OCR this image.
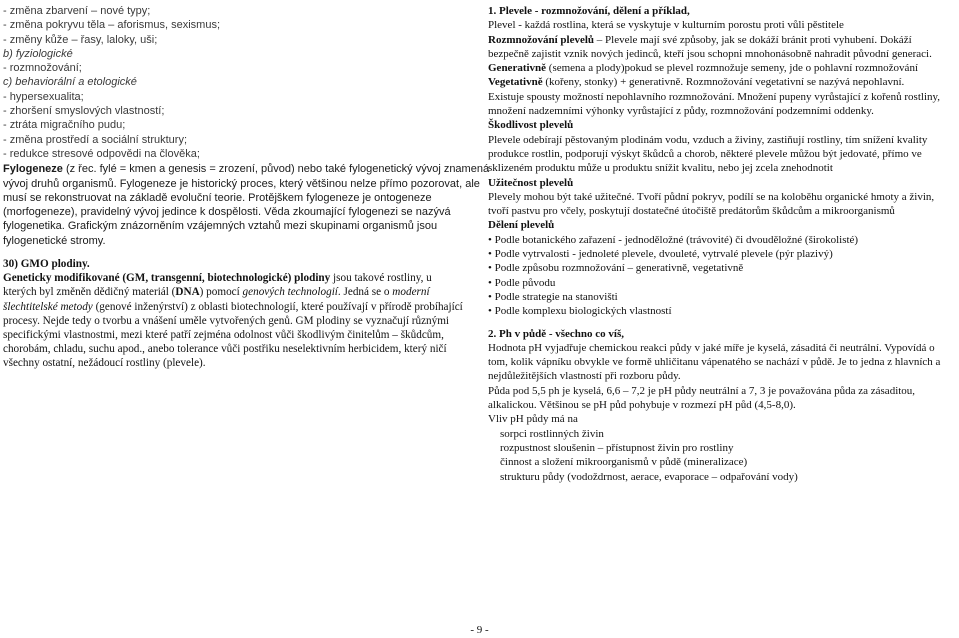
- změna zbarvení – nové typy;
- změna pokryvu těla – aforismus, sexismus;
- změny kůže – řasy, laloky, uši;
b) fyziologické
- rozmnožování;
c) behaviorální a etologické
- hypersexualita;
- zhoršení smyslových vlastností;
- ztráta migračního pudu;
- změna prostředí a sociální struktury;
- redukce stresové odpovědi na člověka;
Fylogeneze (z řec. fylé = kmen a genesis = zrození, původ) nebo také fylogenetický vývoj znamená
vývoj druhů organismů. Fylogeneze je historický proces, který většinou nelze přímo pozorovat, ale
musí se rekonstruovat na základě evoluční teorie. Protějškem fylogeneze je ontogeneze
(morfogeneze), pravidelný vývoj jedince k dospělosti. Věda zkoumající fylogenezi se nazývá
fylogenetika. Grafickým znázorněním vzájemných vztahů mezi skupinami organismů jsou
fylogenetické stromy.
30) GMO plodiny.
Geneticky modifikované (GM, transgenní, biotechnologické) plodiny jsou takové rostliny, u
kterých byl změněn dědičný materiál (DNA) pomocí genových technologií. Jedná se o moderní
šlechtitelské metody (genové inženýrství) z oblasti biotechnologií, které používají v přírodě probíhající
procesy. Nejde tedy o tvorbu a vnášení uměle vytvořených genů. GM plodiny se vyznačují různými
specifickými vlastnostmi, mezi které patří zejména odolnost vůči škodlivým činitelům – škůdcům,
chorobám, chladu, suchu apod., anebo tolerance vůči postřiku neselektivním herbicidem, který ničí
všechny ostatní, nežádoucí rostliny (plevele).
1. Plevele - rozmnožování, dělení a příklad,
Plevel - každá rostlina, která se vyskytuje v kulturním porostu proti vůli pěstitele
Rozmnožování plevelů – Plevele mají své způsoby, jak se dokáží bránit proti vyhubení. Dokáží
bezpečně zajistit vznik nových jedinců, kteří jsou schopni mnohonásobně nahradit původní generaci.
Generativně (semena a plody)pokud se plevel rozmnožuje semeny, jde o pohlavní rozmnožování
Vegetativně (kořeny, stonky) + generativně. Rozmnožování vegetativní se nazývá nepohlavní.
Existuje spousty možností nepohlavního rozmnožování. Množení pupeny vyrůstající z kořenů rostliny,
množení nadzemními výhonky vyrůstající z půdy, rozmnožování podzemními oddenky.
Škodlivost plevelů
Plevele odebírají pěstovaným plodinám vodu, vzduch a živiny, zastiňují rostliny, tím snížení kvality
produkce rostlin, podporují výskyt škůdců a chorob, některé plevele můžou být jedovaté, přímo ve
sklizeném produktu může u produktu snížit kvalitu, nebo jej zcela znehodnotit
Užitečnost plevelů
Plevely mohou být také užitečné. Tvoří půdní pokryv, podílí se na koloběhu organické hmoty a živin,
tvoří pastvu pro včely, poskytují dostatečné útočiště predátorům škůdcům a mikroorganismů
Dělení plevelů
• Podle botanického zařazení - jednoděložné (trávovité) či dvouděložné (širokolisté)
• Podle vytrvalosti - jednoleté plevele, dvouleté, vytrvalé plevele (pýr plazivý)
• Podle způsobu rozmnožování – generativně, vegetativně
• Podle původu
• Podle strategie na stanovišti
• Podle komplexu biologických vlastností
2. Ph v půdě - všechno co víš,
Hodnota pH vyjadřuje chemickou reakci půdy v jaké míře je kyselá, zásaditá či neutrální. Vypovídá o
tom, kolik vápníku obvykle ve formě uhličitanu vápenatého se nachází v půdě. Je to jedna z hlavních a
nejdůležitějších vlastností při rozboru půdy.
Půda pod 5,5 ph je kyselá, 6,6 – 7,2 je pH půdy neutrální a 7, 3 je považována půda za zásaditou,
alkalickou. Většinou se pH půd pohybuje v rozmezí pH půd (4,5-8,0).
Vliv pH půdy má na
sorpci rostlinných živin
rozpustnost sloušenin – přístupnost živin pro rostliny
činnost a složení mikroorganismů v půdě (mineralizace)
strukturu půdy (vodoždrnost, aerace, evaporace – odpařování vody)
- 9 -
